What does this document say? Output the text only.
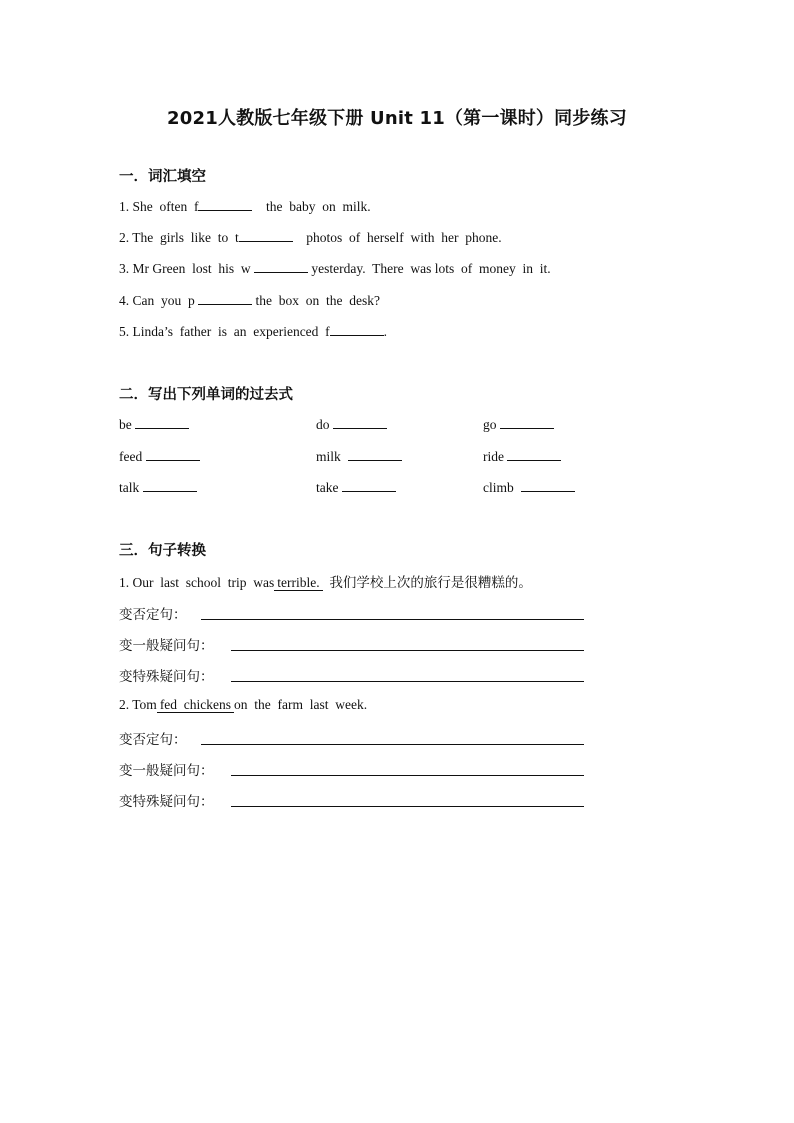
2021人教版七年级下册 Unit 11（第一课时）同步练习
一．词汇填空
1. She  often  f	the  baby  on  milk.
2. The  girls  like  to  t	photos  of  herself  with  her  phone.
3. Mr Green  lost  his  w	yesterday.  There  was lots  of  money  in  it.
4. Can  you  p	the  box  on  the  desk?
5. Linda’s  father  is  an  experienced  f	.
二．写出下列单词的过去式
be	do	go
feed	milk	ride
talk	take	climb
三．句子转换
1. Our  last  school  trip  was terrible. 我们学校上次的旅行是很糟糕的。
变否定句：
变一般疑问句：
变特殊疑问句：
2. Tom fed  chickens on  the  farm  last  week.
变否定句：
变一般疑问句：
变特殊疑问句：
